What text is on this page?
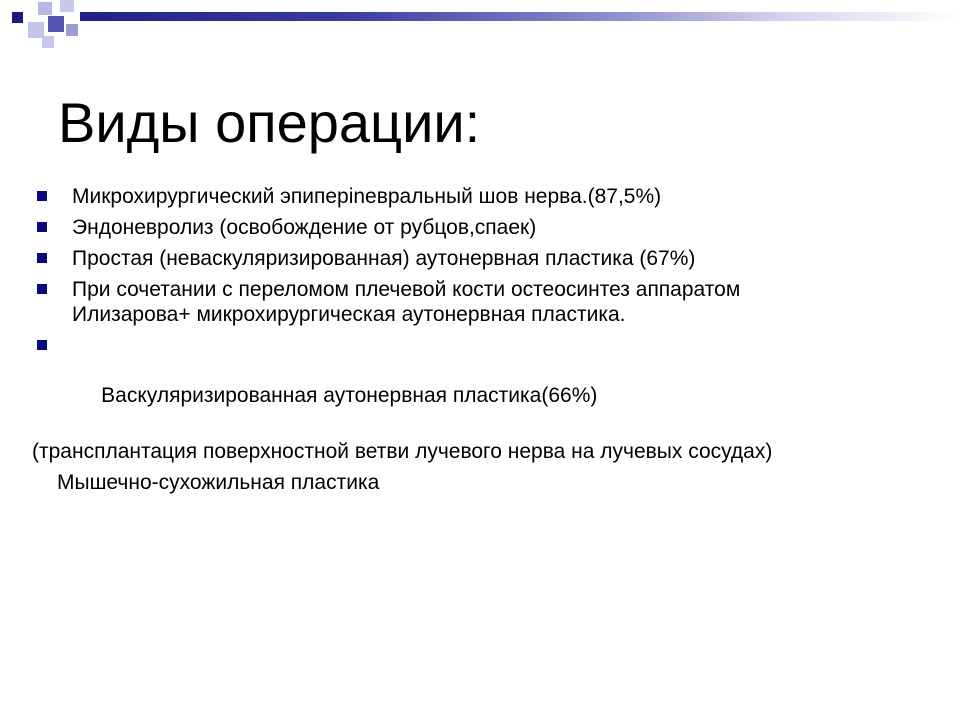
Виды операции:
Микрохирургический эпиперineвральный шов нерва.(87,5%)
Эндоневролиз (освобождение от рубцов,спаек)
Простая (неваскуляризированная) аутонервная пластика (67%)
При сочетании с переломом плечевой кости остеосинтез аппаратом Илизарова+ микрохирургическая аутонервная пластика.

Васкуляризированная аутонервная пластика(66%)

(трансплантация поверхностной ветви лучевого нерва на лучевых сосудах)
Мышечно-сухожильная пластика
